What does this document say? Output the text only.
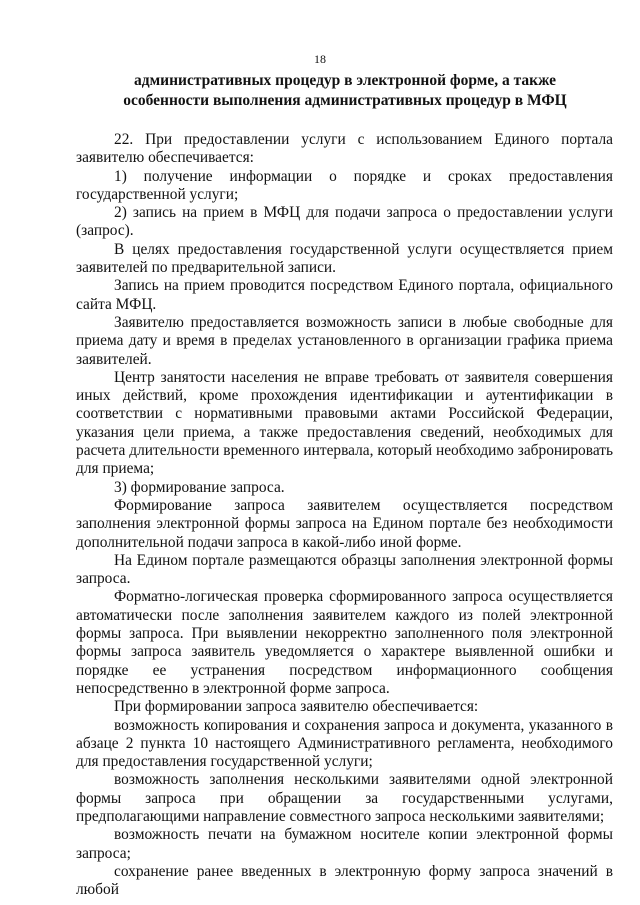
18
административных процедур в электронной форме, а также
особенности выполнения административных процедур в МФЦ

22. При предоставлении услуги с использованием Единого портала заявителю обеспечивается:

1) получение информации о порядке и сроках предоставления государственной услуги;

2) запись на прием в МФЦ для подачи запроса о предоставлении услуги (запрос).

В целях предоставления государственной услуги осуществляется прием заявителей по предварительной записи.

Запись на прием проводится посредством Единого портала, официального сайта МФЦ.

Заявителю предоставляется возможность записи в любые свободные для приема дату и время в пределах установленного в организации графика приема заявителей.

Центр занятости населения не вправе требовать от заявителя совершения иных действий, кроме прохождения идентификации и аутентификации в соответствии с нормативными правовыми актами Российской Федерации, указания цели приема, а также предоставления сведений, необходимых для расчета длительности временного интервала, который необходимо забронировать для приема;

3) формирование запроса.

Формирование запроса заявителем осуществляется посредством заполнения электронной формы запроса на Едином портале без необходимости дополнительной подачи запроса в какой-либо иной форме.

На Едином портале размещаются образцы заполнения электронной формы запроса.

Форматно-логическая проверка сформированного запроса осуществляется автоматически после заполнения заявителем каждого из полей электронной формы запроса. При выявлении некорректно заполненного поля электронной формы запроса заявитель уведомляется о характере выявленной ошибки и порядке ее устранения посредством информационного сообщения непосредственно в электронной форме запроса.

При формировании запроса заявителю обеспечивается:

возможность копирования и сохранения запроса и документа, указанного в абзаце 2 пункта 10 настоящего Административного регламента, необходимого для предоставления государственной услуги;

возможность заполнения несколькими заявителями одной электронной формы запроса при обращении за государственными услугами, предполагающими направление совместного запроса несколькими заявителями;

возможность печати на бумажном носителе копии электронной формы запроса;

сохранение ранее введенных в электронную форму запроса значений в любой
